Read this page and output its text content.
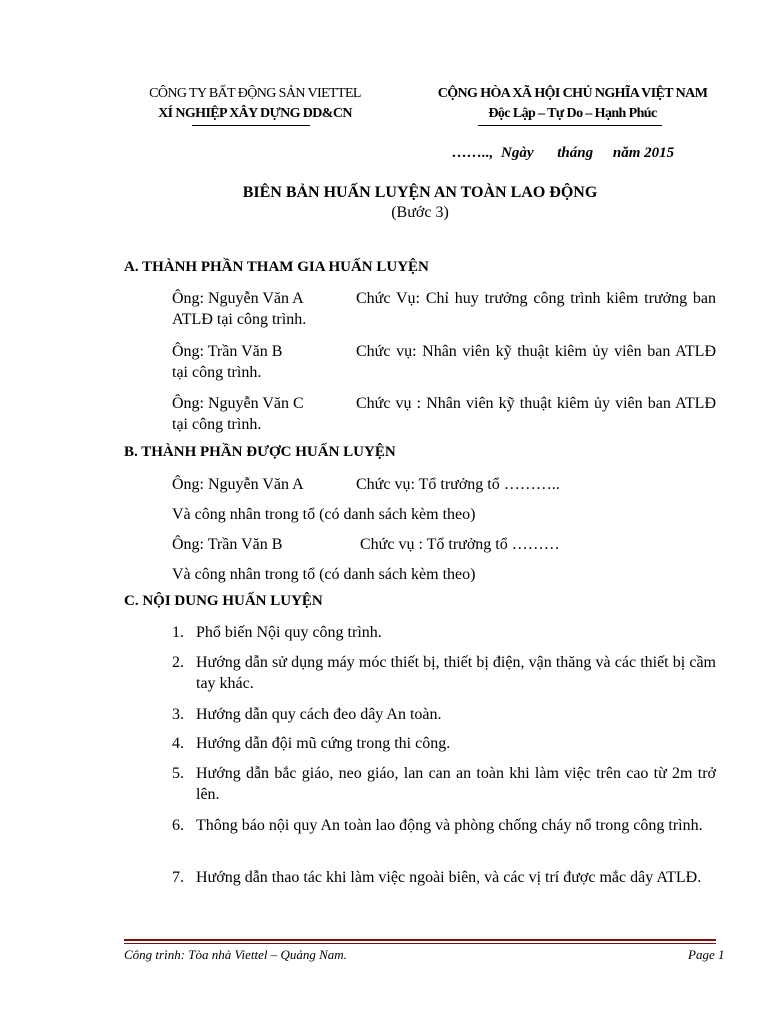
CÔNG TY BẤT ĐỘNG SẢN VIETTEL
XÍ NGHIỆP XÂY DỰNG DD&CN
CỘNG HÒA XÃ HỘI CHỦ NGHĨA VIỆT NAM
Độc Lập – Tự Do – Hạnh Phúc
…….., Ngày tháng năm 2015
BIÊN BẢN HUẤN LUYỆN AN TOÀN LAO ĐỘNG
(Bước 3)
A. THÀNH PHẦN THAM GIA HUẤN LUYỆN
Ông: Nguyễn Văn A	Chức Vụ: Chỉ huy trưởng công trình kiêm trưởng ban ATLĐ tại công trình.
Ông: Trần Văn B	Chức vụ: Nhân viên kỹ thuật kiêm ủy viên ban ATLĐ tại công trình.
Ông: Nguyễn Văn C	Chức vụ : Nhân viên kỹ thuật kiêm ủy viên ban ATLĐ tại công trình.
B. THÀNH PHẦN ĐƯỢC HUẤN LUYỆN
Ông: Nguyễn Văn A	Chức vụ: Tổ trưởng tổ ………..
Và công nhân trong tổ (có danh sách kèm theo)
Ông: Trần Văn B	Chức vụ : Tổ trưởng tổ ………
Và công nhân trong tổ (có danh sách kèm theo)
C. NỘI DUNG HUẤN LUYỆN
1. Phổ biến Nội quy công trình.
2. Hướng dẫn sử dụng máy móc thiết bị, thiết bị điện, vận thăng và các thiết bị cầm tay khác.
3. Hướng dẫn quy cách đeo dây An toàn.
4. Hướng dẫn đội mũ cứng trong thi công.
5. Hướng dẫn bắc giáo, neo giáo, lan can an toàn khi làm việc trên cao từ 2m trở lên.
6. Thông báo nội quy An toàn lao động và phòng chống cháy nổ trong công trình.
7. Hướng dẫn thao tác khi làm việc ngoài biên, và các vị trí được mắc dây ATLĐ.
Công trình: Tòa nhà Viettel – Quảng Nam.	Page 1
